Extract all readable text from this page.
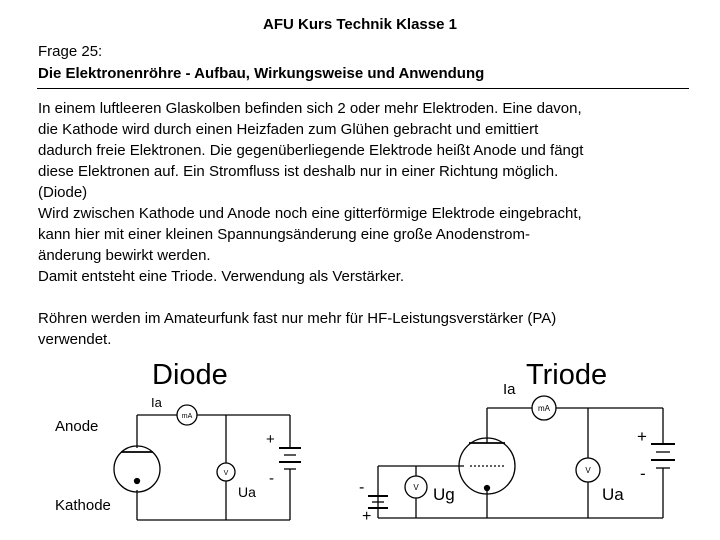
AFU Kurs Technik Klasse 1
Frage 25:
Die Elektronenröhre - Aufbau, Wirkungsweise und Anwendung

In einem luftleeren Glaskolben befinden sich 2 oder mehr Elektroden. Eine davon,

die Kathode wird durch einen Heizfaden zum Glühen gebracht und emittiert

dadurch freie Elektronen. Die gegenüberliegende Elektrode heißt Anode und fängt

diese Elektronen auf. Ein Stromfluss ist deshalb nur in einer Richtung möglich.

(Diode)

Wird zwischen Kathode und Anode noch eine gitterförmige Elektrode eingebracht,

kann hier mit einer kleinen Spannungsänderung eine große Anodenstrom-

änderung bewirkt werden.

Damit entsteht eine Triode. Verwendung als Verstärker.

Röhren werden im Amateurfunk fast nur mehr für HF-Leistungsverstärker (PA)

verwendet.

Diode
Ia
Anode
Kathode
mA
V
Ua
+
-
Triode
Ia
mA
V
Ua
V Ug
+
-
-
+
